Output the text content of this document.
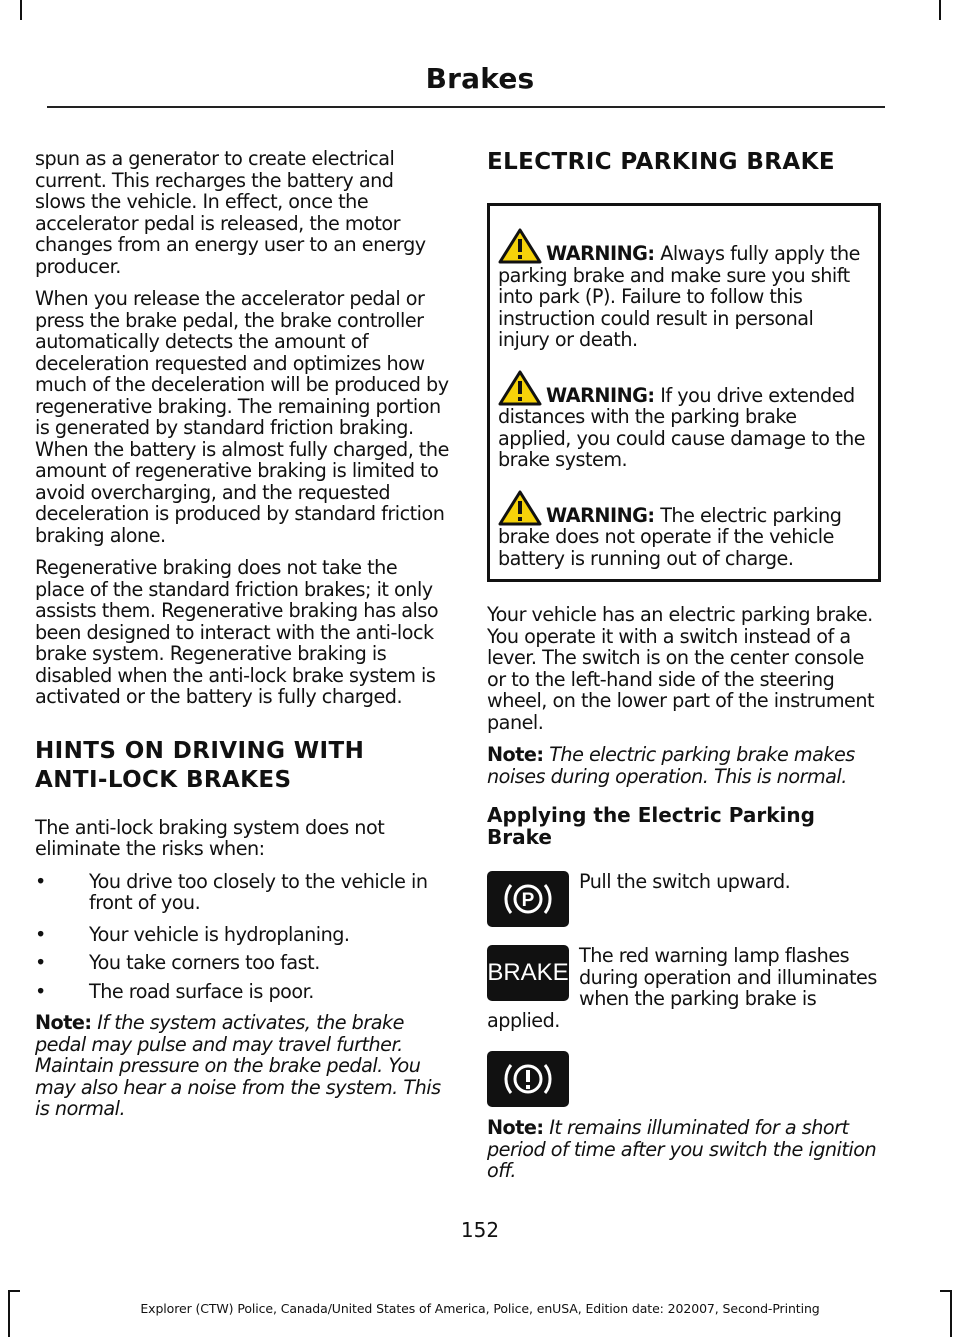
Brakes

spun as a generator to create electrical current. This recharges the battery and slows the vehicle. In effect, once the accelerator pedal is released, the motor changes from an energy user to an energy producer.

When you release the accelerator pedal or press the brake pedal, the brake controller automatically detects the amount of deceleration requested and optimizes how much of the deceleration will be produced by regenerative braking. The remaining portion is generated by standard friction braking. When the battery is almost fully charged, the amount of regenerative braking is limited to avoid overcharging, and the requested deceleration is produced by standard friction braking alone.

Regenerative braking does not take the place of the standard friction brakes; it only assists them. Regenerative braking has also been designed to interact with the anti-lock brake system. Regenerative braking is disabled when the anti-lock brake system is activated or the battery is fully charged.

HINTS ON DRIVING WITH
ANTI-LOCK BRAKES

The anti-lock braking system does not eliminate the risks when:

• You drive too closely to the vehicle in front of you.
• Your vehicle is hydroplaning.
• You take corners too fast.
• The road surface is poor.

Note: If the system activates, the brake pedal may pulse and may travel further. Maintain pressure on the brake pedal. You may also hear a noise from the system. This is normal.

ELECTRIC PARKING BRAKE
WARNING: Always fully apply the parking brake and make sure you shift into park (P). Failure to follow this instruction could result in personal injury or death.
WARNING: If you drive extended distances with the parking brake applied, you could cause damage to the brake system.
WARNING: The electric parking brake does not operate if the vehicle battery is running out of charge.

Your vehicle has an electric parking brake. You operate it with a switch instead of a lever. The switch is on the center console or to the left-hand side of the steering wheel, on the lower part of the instrument panel.

Note: The electric parking brake makes noises during operation. This is normal.

Applying the Electric Parking Brake
P
Pull the switch upward.
BRAKE
The red warning lamp flashes during operation and illuminates when the parking brake is applied.

Note: It remains illuminated for a short period of time after you switch the ignition off.

152
Explorer (CTW) Police, Canada/United States of America, Police, enUSA, Edition date: 202007, Second-Printing
